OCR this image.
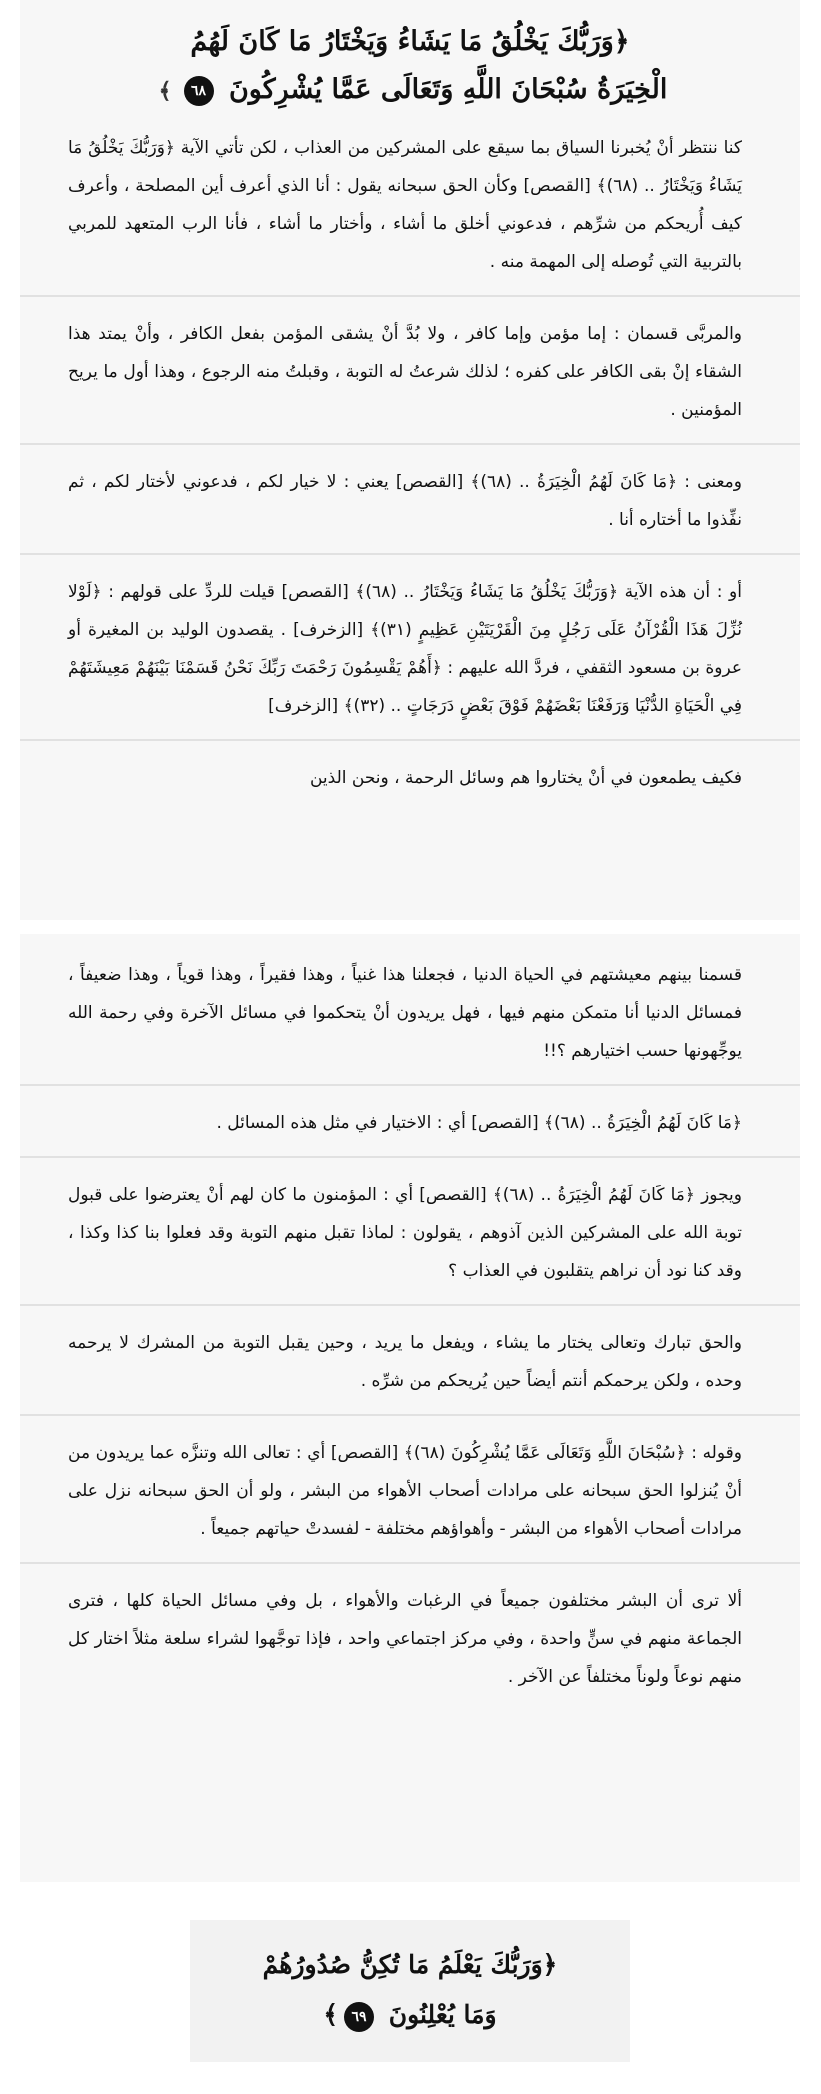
﴿وَرَبُّكَ يَخْلُقُ مَا يَشَاءُ وَيَخْتَارُ مَا كَانَ لَهُمُ
الْخِيَرَةُ سُبْحَانَ اللَّهِ وَتَعَالَى عَمَّا يُشْرِكُونَ ٦٨﴾

كنا ننتظر أنْ يُخبرنا السياق بما سيقع على المشركين من العذاب ، لكن تأتي الآية ﴿وَرَبُّكَ يَخْلُقُ مَا يَشَاءُ وَيَخْتَارُ .. (٦٨)﴾ [القصص] وكأن الحق سبحانه يقول : أنا الذي أعرف أين المصلحة ، وأعرف كيف أُريحكم من شرِّهم ، فدعوني أخلق ما أشاء ، وأختار ما أشاء ، فأنا الرب المتعهد للمربي بالتربية التي تُوصله إلى المهمة منه .

والمربَّى قسمان : إما مؤمن وإما كافر ، ولا بُدَّ أنْ يشقى المؤمن بفعل الكافر ، وأنْ يمتد هذا الشقاء إنْ بقى الكافر على كفره ؛ لذلك شرعتُ له التوبة ، وقبلتُ منه الرجوع ، وهذا أول ما يريح المؤمنين .

ومعنى : ﴿مَا كَانَ لَهُمُ الْخِيَرَةُ .. (٦٨)﴾ [القصص] يعني : لا خيار لكم ، فدعوني لأختار لكم ، ثم نفِّذوا ما أختاره أنا .

أو : أن هذه الآية ﴿وَرَبُّكَ يَخْلُقُ مَا يَشَاءُ وَيَخْتَارُ .. (٦٨)﴾ [القصص] قيلت للردِّ على قولهم : ﴿لَوْلا نُزِّلَ هَذَا الْقُرْآنُ عَلَى رَجُلٍ مِنَ الْقَرْيَتَيْنِ عَظِيمٍ (٣١)﴾ [الزخرف] . يقصدون الوليد بن المغيرة أو عروة بن مسعود الثقفي ، فردَّ الله عليهم : ﴿أَهُمْ يَقْسِمُونَ رَحْمَتَ رَبِّكَ نَحْنُ قَسَمْنَا بَيْنَهُمْ مَعِيشَتَهُمْ فِي الْحَيَاةِ الدُّنْيَا وَرَفَعْنَا بَعْضَهُمْ فَوْقَ بَعْضٍ دَرَجَاتٍ .. (٣٢)﴾ [الزخرف]

فكيف يطمعون في أنْ يختاروا هم وسائل الرحمة ، ونحن الذين

قسمنا بينهم معيشتهم في الحياة الدنيا ، فجعلنا هذا غنياً ، وهذا فقيراً ، وهذا قوياً ، وهذا ضعيفاً ، فمسائل الدنيا أنا متمكن منهم فيها ، فهل يريدون أنْ يتحكموا في مسائل الآخرة وفي رحمة الله يوجِّهونها حسب اختيارهم ؟!!

﴿مَا كَانَ لَهُمُ الْخِيَرَةُ .. (٦٨)﴾ [القصص] أي : الاختيار في مثل هذه المسائل .

ويجوز ﴿مَا كَانَ لَهُمُ الْخِيَرَةُ .. (٦٨)﴾ [القصص] أي : المؤمنون ما كان لهم أنْ يعترضوا على قبول توبة الله على المشركين الذين آذوهم ، يقولون : لماذا تقبل منهم التوبة وقد فعلوا بنا كذا وكذا ، وقد كنا نود أن نراهم يتقلبون في العذاب ؟

والحق تبارك وتعالى يختار ما يشاء ، ويفعل ما يريد ، وحين يقبل التوبة من المشرك لا يرحمه وحده ، ولكن يرحمكم أنتم أيضاً حين يُريحكم من شرِّه .

وقوله : ﴿سُبْحَانَ اللَّهِ وَتَعَالَى عَمَّا يُشْرِكُونَ (٦٨)﴾ [القصص] أي : تعالى الله وتنزَّه عما يريدون من أنْ يُنزلوا الحق سبحانه على مرادات أصحاب الأهواء من البشر ، ولو أن الحق سبحانه نزل على مرادات أصحاب الأهواء من البشر - وأهواؤهم مختلفة - لفسدتْ حياتهم جميعاً .

ألا ترى أن البشر مختلفون جميعاً في الرغبات والأهواء ، بل وفي مسائل الحياة كلها ، فترى الجماعة منهم في سنٍّ واحدة ، وفي مركز اجتماعي واحد ، فإذا توجَّهوا لشراء سلعة مثلاً اختار كل منهم نوعاً ولوناً مختلفاً عن الآخر .

﴿وَرَبُّكَ يَعْلَمُ مَا تُكِنُّ صُدُورُهُمْ
وَمَا يُعْلِنُونَ ٦٩﴾
